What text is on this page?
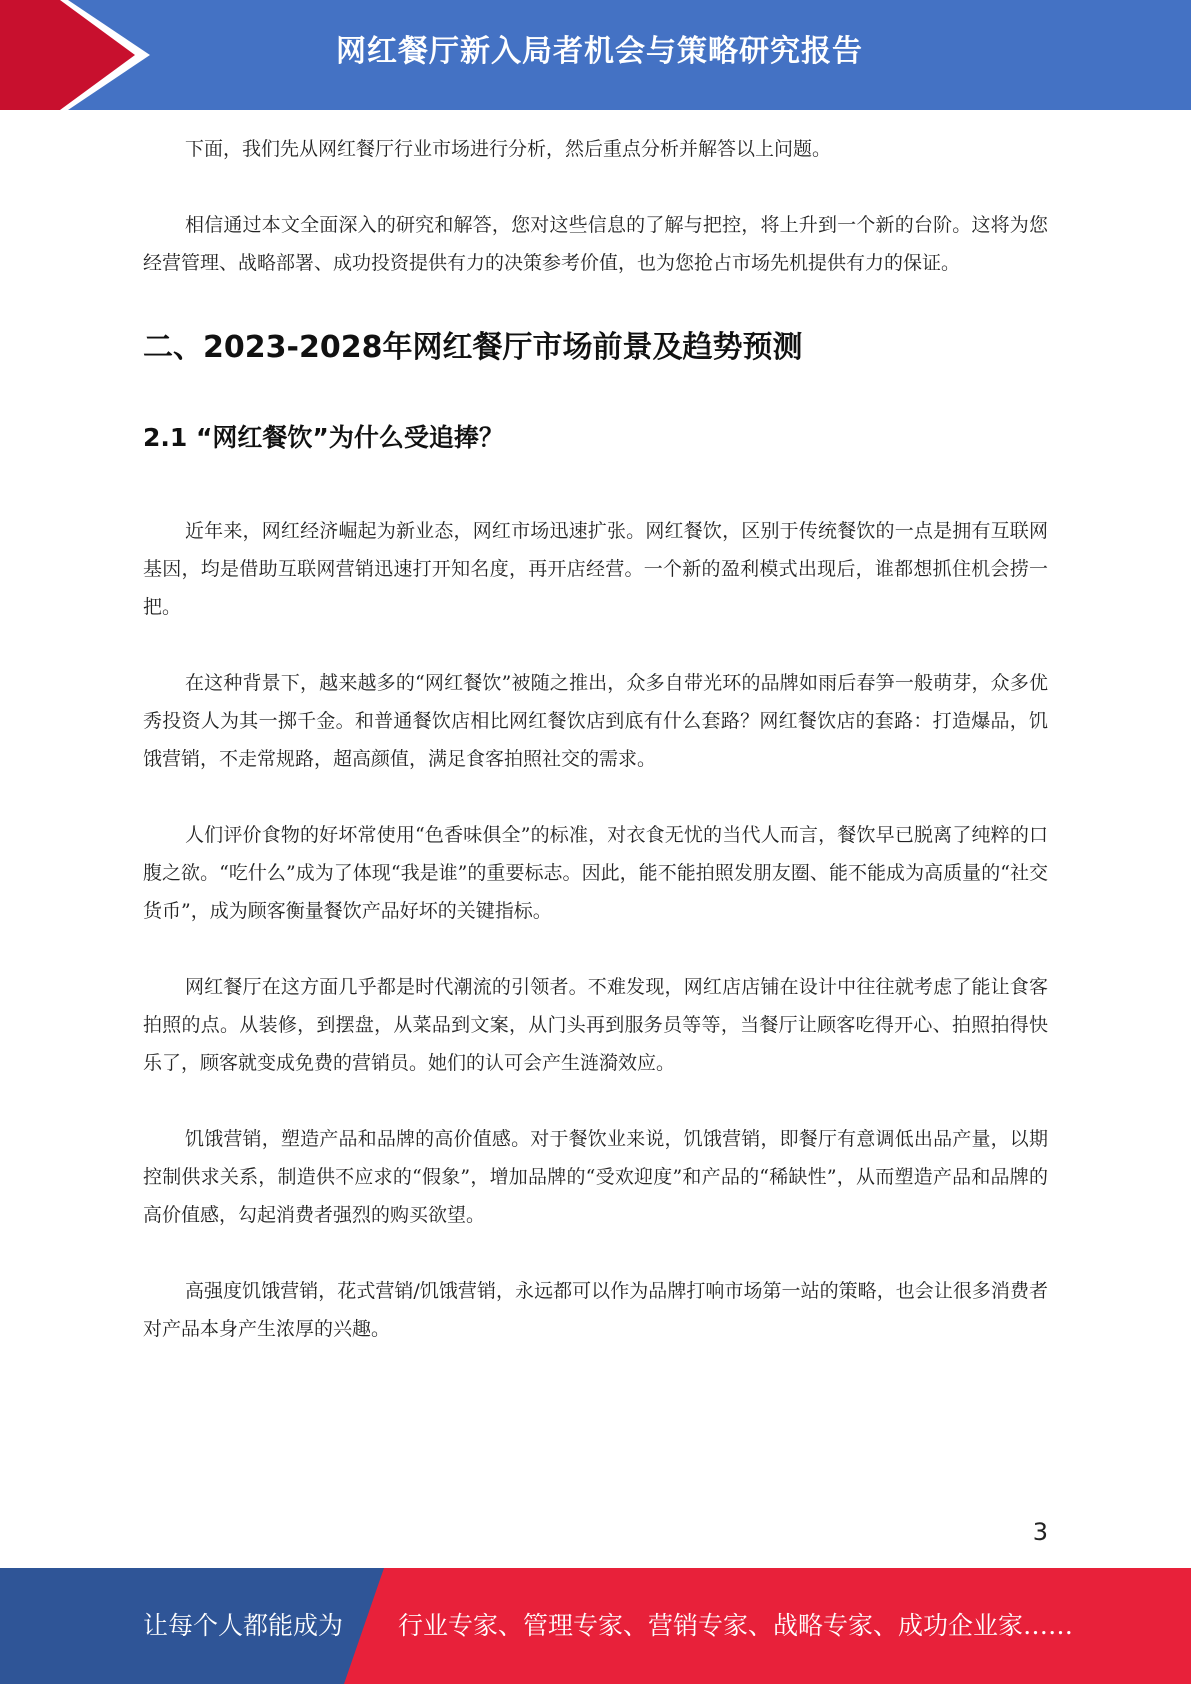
网红餐厅新入局者机会与策略研究报告

下面，我们先从网红餐厅行业市场进行分析，然后重点分析并解答以上问题。

相信通过本文全面深入的研究和解答，您对这些信息的了解与把控，将上升到一个新的台阶。这将为您经营管理、战略部署、成功投资提供有力的决策参考价值，也为您抢占市场先机提供有力的保证。

二、2023-2028年网红餐厅市场前景及趋势预测
2.1 “网红餐饮”为什么受追捧？

近年来，网红经济崛起为新业态，网红市场迅速扩张。网红餐饮，区别于传统餐饮的一点是拥有互联网基因，均是借助互联网营销迅速打开知名度，再开店经营。一个新的盈利模式出现后，谁都想抓住机会捞一把。

在这种背景下，越来越多的“网红餐饮”被随之推出，众多自带光环的品牌如雨后春笋一般萌芽，众多优秀投资人为其一掷千金。和普通餐饮店相比网红餐饮店到底有什么套路？网红餐饮店的套路：打造爆品，饥饿营销，不走常规路，超高颜值，满足食客拍照社交的需求。

人们评价食物的好坏常使用“色香味俱全”的标准，对衣食无忧的当代人而言，餐饮早已脱离了纯粹的口腹之欲。“吃什么”成为了体现“我是谁”的重要标志。因此，能不能拍照发朋友圈、能不能成为高质量的“社交货币”，成为顾客衡量餐饮产品好坏的关键指标。

网红餐厅在这方面几乎都是时代潮流的引领者。不难发现，网红店店铺在设计中往往就考虑了能让食客拍照的点。从装修，到摆盘，从菜品到文案，从门头再到服务员等等，当餐厅让顾客吃得开心、拍照拍得快乐了，顾客就变成免费的营销员。她们的认可会产生涟漪效应。

饥饿营销，塑造产品和品牌的高价值感。对于餐饮业来说，饥饿营销，即餐厅有意调低出品产量，以期控制供求关系，制造供不应求的“假象”，增加品牌的“受欢迎度”和产品的“稀缺性”，从而塑造产品和品牌的高价值感，勾起消费者强烈的购买欲望。

高强度饥饿营销，花式营销/饥饿营销，永远都可以作为品牌打响市场第一站的策略，也会让很多消费者对产品本身产生浓厚的兴趣。

3
让每个人都能成为 行业专家、管理专家、营销专家、战略专家、成功企业家……
